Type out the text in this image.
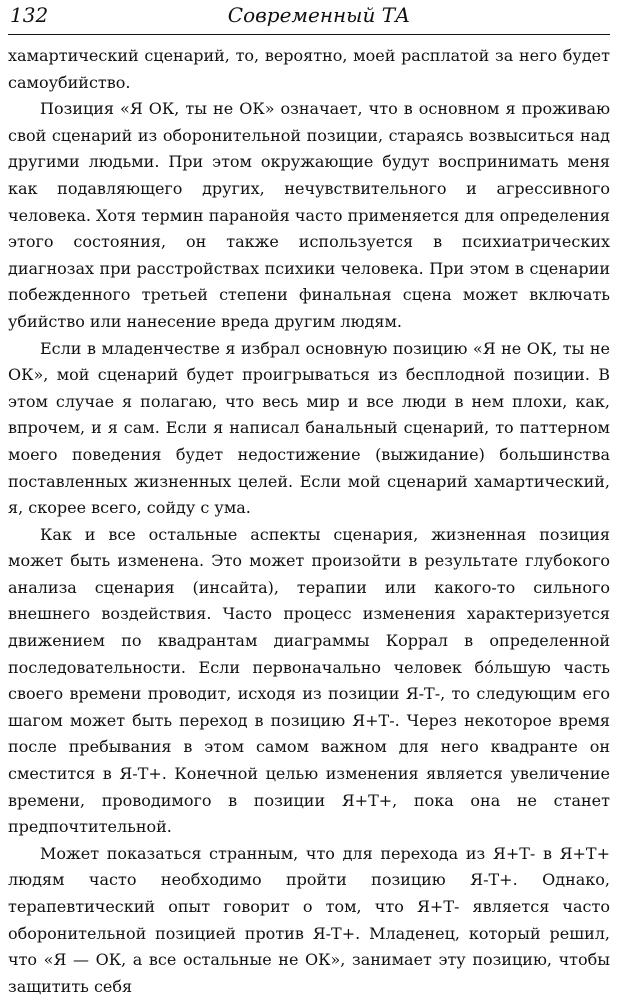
132	Современный ТА

хамартический сценарий, то, вероятно, моей расплатой за него будет самоубийство.

Позиция «Я ОК, ты не ОК» означает, что в основном я проживаю свой сценарий из оборонительной позиции, стараясь возвыситься над другими людьми. При этом окружающие будут воспринимать меня как подавляющего других, нечувствительного и агрессивного человека. Хотя термин паранойя часто применяется для определения этого состояния, он также используется в психиатрических диагнозах при расстройствах психики человека. При этом в сценарии побежденного третьей степени финальная сцена может включать убийство или нанесение вреда другим людям.

Если в младенчестве я избрал основную позицию «Я не ОК, ты не ОК», мой сценарий будет проигрываться из бесплодной позиции. В этом случае я полагаю, что весь мир и все люди в нем плохи, как, впрочем, и я сам. Если я написал банальный сценарий, то паттерном моего поведения будет недостижение (выжидание) большинства поставленных жизненных целей. Если мой сценарий хамартический, я, скорее всего, сойду с ума.

Как и все остальные аспекты сценария, жизненная позиция может быть изменена. Это может произойти в результате глубокого анализа сценария (инсайта), терапии или какого-то сильного внешнего воздействия. Часто процесс изменения характеризуется движением по квадрантам диаграммы Коррал в определенной последовательности. Если первоначально человек бóльшую часть своего времени проводит, исходя из позиции Я-Т-, то следующим его шагом может быть переход в позицию Я+Т-. Через некоторое время после пребывания в этом самом важном для него квадранте он сместится в Я-Т+. Конечной целью изменения является увеличение времени, проводимого в позиции Я+Т+, пока она не станет предпочтительной.

Может показаться странным, что для перехода из Я+Т- в Я+Т+ людям часто необходимо пройти позицию Я-Т+. Однако, терапевтический опыт говорит о том, что Я+Т- является часто оборонительной позицией против Я-Т+. Младенец, который решил, что «Я — ОК, а все остальные не ОК», занимает эту позицию, чтобы защитить себя
